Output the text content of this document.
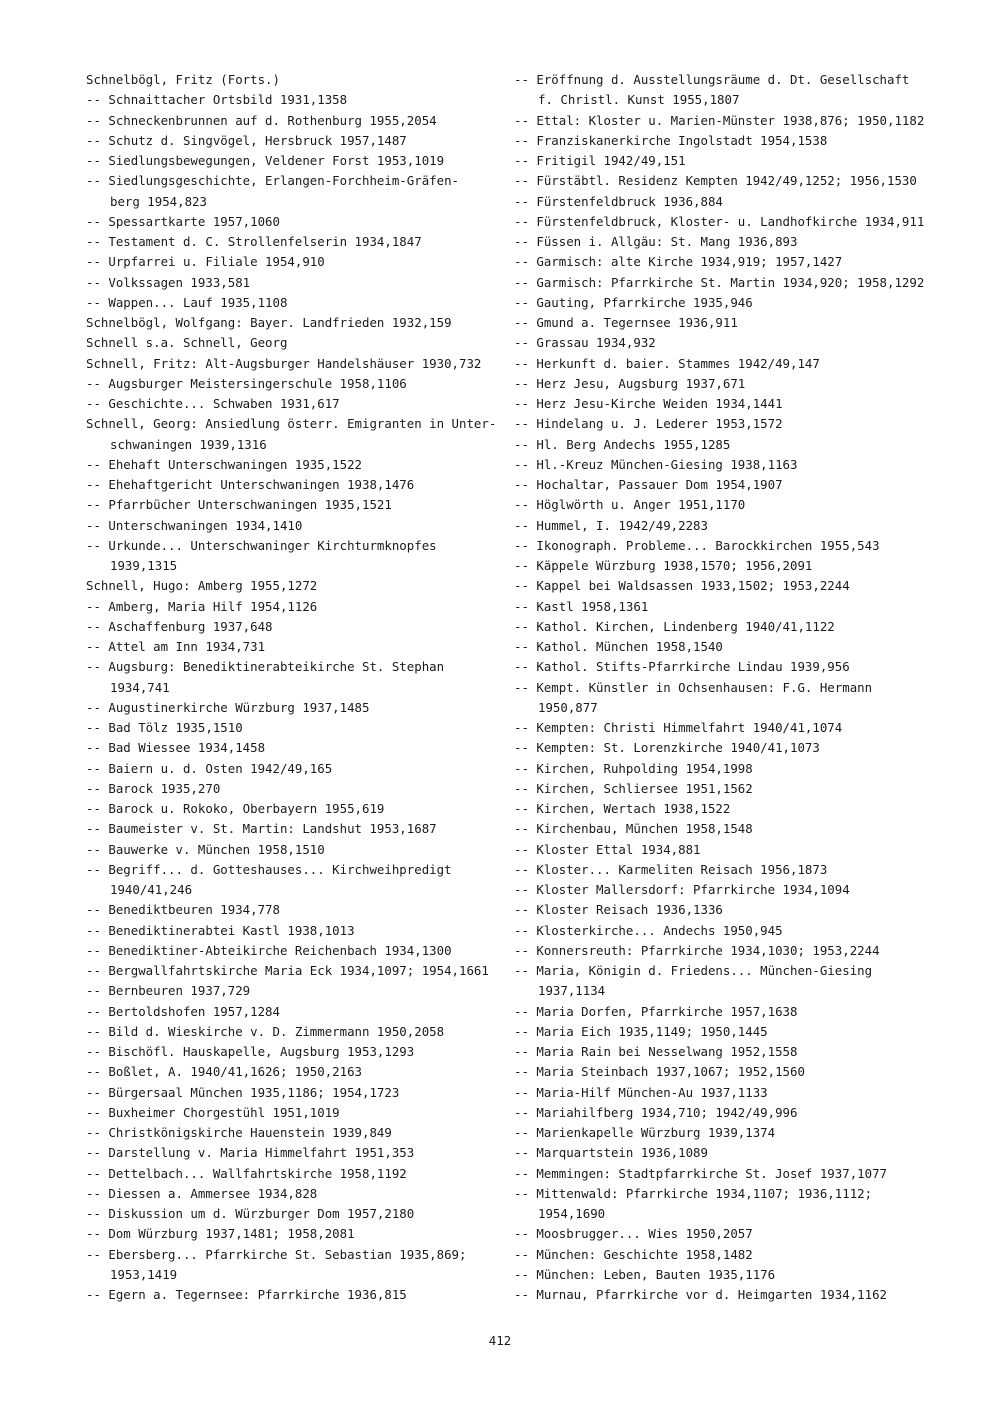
Schnelbögl, Fritz (Forts.)
-- Schnaittacher Ortsbild 1931,1358
-- Schneckenbrunnen auf d. Rothenburg 1955,2054
-- Schutz d. Singvögel, Hersbruck 1957,1487
-- Siedlungsbewegungen, Veldener Forst 1953,1019
-- Siedlungsgeschichte, Erlangen-Forchheim-Gräfen-
berg 1954,823
-- Spessartkarte 1957,1060
-- Testament d. C. Strollenfelserin 1934,1847
-- Urpfarrei u. Filiale 1954,910
-- Volkssagen 1933,581
-- Wappen... Lauf 1935,1108
Schnelbögl, Wolfgang: Bayer. Landfrieden 1932,159
Schnell s.a. Schnell, Georg
Schnell, Fritz: Alt-Augsburger Handelshäuser 1930,732
-- Augsburger Meistersingerschule 1958,1106
-- Geschichte... Schwaben 1931,617
Schnell, Georg: Ansiedlung österr. Emigranten in Unter-
schwaningen 1939,1316
-- Ehehaft Unterschwaningen 1935,1522
-- Ehehaftgericht Unterschwaningen 1938,1476
-- Pfarrbücher Unterschwaningen 1935,1521
-- Unterschwaningen 1934,1410
-- Urkunde... Unterschwaninger Kirchturmknopfes
1939,1315
Schnell, Hugo: Amberg 1955,1272
-- Amberg, Maria Hilf 1954,1126
-- Aschaffenburg 1937,648
-- Attel am Inn 1934,731
-- Augsburg: Benediktinerabteikirche St. Stephan
1934,741
-- Augustinerkirche Würzburg 1937,1485
-- Bad Tölz 1935,1510
-- Bad Wiessee 1934,1458
-- Baiern u. d. Osten 1942/49,165
-- Barock 1935,270
-- Barock u. Rokoko, Oberbayern 1955,619
-- Baumeister v. St. Martin: Landshut 1953,1687
-- Bauwerke v. München 1958,1510
-- Begriff... d. Gotteshauses... Kirchweihpredigt
1940/41,246
-- Benediktbeuren 1934,778
-- Benediktinerabtei Kastl 1938,1013
-- Benediktiner-Abteikirche Reichenbach 1934,1300
-- Bergwallfahrtskirche Maria Eck 1934,1097; 1954,1661
-- Bernbeuren 1937,729
-- Bertoldshofen 1957,1284
-- Bild d. Wieskirche v. D. Zimmermann 1950,2058
-- Bischöfl. Hauskapelle, Augsburg 1953,1293
-- Boßlet, A. 1940/41,1626; 1950,2163
-- Bürgersaal München 1935,1186; 1954,1723
-- Buxheimer Chorgestühl 1951,1019
-- Christkönigskirche Hauenstein 1939,849
-- Darstellung v. Maria Himmelfahrt 1951,353
-- Dettelbach... Wallfahrtskirche 1958,1192
-- Diessen a. Ammersee 1934,828
-- Diskussion um d. Würzburger Dom 1957,2180
-- Dom Würzburg 1937,1481; 1958,2081
-- Ebersberg... Pfarrkirche St. Sebastian 1935,869;
1953,1419
-- Egern a. Tegernsee: Pfarrkirche 1936,815
-- Eröffnung d. Ausstellungsräume d. Dt. Gesellschaft
f. Christl. Kunst 1955,1807
-- Ettal: Kloster u. Marien-Münster 1938,876; 1950,1182
-- Franziskanerkirche Ingolstadt 1954,1538
-- Fritigil 1942/49,151
-- Fürstäbtl. Residenz Kempten 1942/49,1252; 1956,1530
-- Fürstenfeldbruck 1936,884
-- Fürstenfeldbruck, Kloster- u. Landhofkirche 1934,911
-- Füssen i. Allgäu: St. Mang 1936,893
-- Garmisch: alte Kirche 1934,919; 1957,1427
-- Garmisch: Pfarrkirche St. Martin 1934,920; 1958,1292
-- Gauting, Pfarrkirche 1935,946
-- Gmund a. Tegernsee 1936,911
-- Grassau 1934,932
-- Herkunft d. baier. Stammes 1942/49,147
-- Herz Jesu, Augsburg 1937,671
-- Herz Jesu-Kirche Weiden 1934,1441
-- Hindelang u. J. Lederer 1953,1572
-- Hl. Berg Andechs 1955,1285
-- Hl.-Kreuz München-Giesing 1938,1163
-- Hochaltar, Passauer Dom 1954,1907
-- Höglwörth u. Anger 1951,1170
-- Hummel, I. 1942/49,2283
-- Ikonograph. Probleme... Barockkirchen 1955,543
-- Käppele Würzburg 1938,1570; 1956,2091
-- Kappel bei Waldsassen 1933,1502; 1953,2244
-- Kastl 1958,1361
-- Kathol. Kirchen, Lindenberg 1940/41,1122
-- Kathol. München 1958,1540
-- Kathol. Stifts-Pfarrkirche Lindau 1939,956
-- Kempt. Künstler in Ochsenhausen: F.G. Hermann
1950,877
-- Kempten: Christi Himmelfahrt 1940/41,1074
-- Kempten: St. Lorenzkirche 1940/41,1073
-- Kirchen, Ruhpolding 1954,1998
-- Kirchen, Schliersee 1951,1562
-- Kirchen, Wertach 1938,1522
-- Kirchenbau, München 1958,1548
-- Kloster Ettal 1934,881
-- Kloster... Karmeliten Reisach 1956,1873
-- Kloster Mallersdorf: Pfarrkirche 1934,1094
-- Kloster Reisach 1936,1336
-- Klosterkirche... Andechs 1950,945
-- Konnersreuth: Pfarrkirche 1934,1030; 1953,2244
-- Maria, Königin d. Friedens... München-Giesing
1937,1134
-- Maria Dorfen, Pfarrkirche 1957,1638
-- Maria Eich 1935,1149; 1950,1445
-- Maria Rain bei Nesselwang 1952,1558
-- Maria Steinbach 1937,1067; 1952,1560
-- Maria-Hilf München-Au 1937,1133
-- Mariahilfberg 1934,710; 1942/49,996
-- Marienkapelle Würzburg 1939,1374
-- Marquartstein 1936,1089
-- Memmingen: Stadtpfarrkirche St. Josef 1937,1077
-- Mittenwald: Pfarrkirche 1934,1107; 1936,1112;
1954,1690
-- Moosbrugger... Wies 1950,2057
-- München: Geschichte 1958,1482
-- München: Leben, Bauten 1935,1176
-- Murnau, Pfarrkirche vor d. Heimgarten 1934,1162
412
